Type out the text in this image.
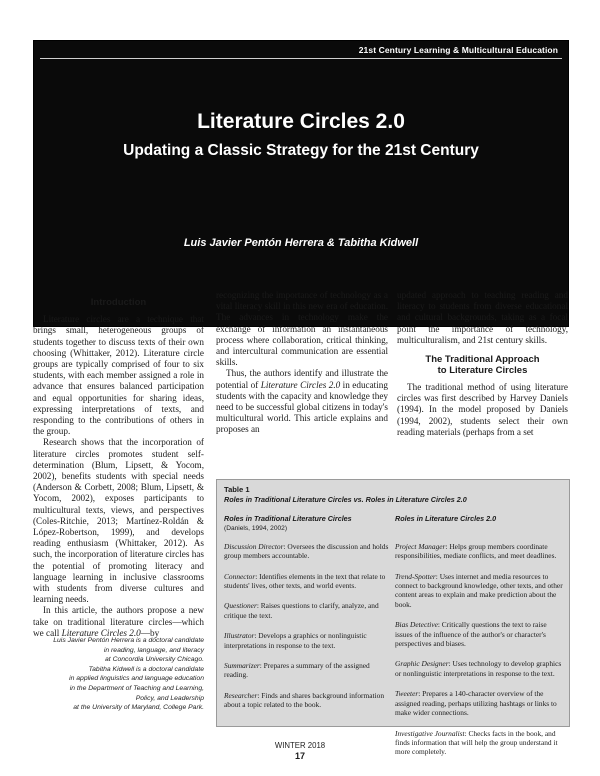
21st Century Learning & Multicultural Education
Literature Circles 2.0
Updating a Classic Strategy for the 21st Century
Luis Javier Pentón Herrera & Tabitha Kidwell
Introduction

Literature circles are a technique that brings small, heterogeneous groups of students together to discuss texts of their own choosing (Whittaker, 2012). Literature circle groups are typically comprised of four to six students, with each member assigned a role in advance that ensures balanced participation and equal opportunities for sharing ideas, expressing interpretations of texts, and responding to the contributions of others in the group.

Research shows that the incorporation of literature circles promotes student self-determination (Blum, Lipsett, & Yocom, 2002), benefits students with special needs (Anderson & Corbett, 2008; Blum, Lipsett, & Yocom, 2002), exposes participants to multicultural texts, views, and perspectives (Coles-Ritchie, 2013; Martínez-Roldán & López-Robertson, 1999), and develops reading enthusiasm (Whittaker, 2012). As such, the incorporation of literature circles has the potential of promoting literacy and language learning in inclusive classrooms with students from diverse cultures and learning needs.

In this article, the authors propose a new take on traditional literature circles—which we call Literature Circles 2.0—by

Luis Javier Pentón Herrera is a doctoral candidate
in reading, language, and literacy
at Concordia University Chicago.
Tabitha Kidwell is a doctoral candidate
in applied linguistics and language education
in the Department of Teaching and Learning,
Policy, and Leadership
at the University of Maryland, College Park.

recognizing the importance of technology as a vital literacy skill in this new era of education. The advances in technology make the exchange of information an instantaneous process where collaboration, critical thinking, and intercultural communication are essential skills.

Thus, the authors identify and illustrate the potential of Literature Circles 2.0 in educating students with the capacity and knowledge they need to be successful global citizens in today's multicultural world. This article explains and proposes an

updated approach to teaching reading and literacy to students from diverse educational and cultural backgrounds, taking as a focal point the importance of technology, multiculturalism, and 21st century skills.

The Traditional Approach
to Literature Circles

The traditional method of using literature circles was first described by Harvey Daniels (1994). In the model proposed by Daniels (1994, 2002), students select their own reading materials (perhaps from a set

Table 1
Roles in Traditional Literature Circles vs. Roles in Literature Circles 2.0
Roles in Traditional Literature Circles
(Daniels, 1994, 2002)
Discussion Director: Oversees the discussion and holds group members accountable.
Connector: Identifies elements in the text that relate to students' lives, other texts, and world events.
Questioner: Raises questions to clarify, analyze, and critique the text.
Illustrator: Develops a graphics or nonlinguistic interpretations in response to the text.
Summarizer: Prepares a summary of the assigned reading.
Researcher: Finds and shares background information about a topic related to the book.
Roles in Literature Circles 2.0

Project Manager: Helps group members coordinate responsibilities, mediate conflicts, and meet deadlines.
Trend-Spotter: Uses internet and media resources to connect to background knowledge, other texts, and other content areas to explain and make prediction about the book.
Bias Detective: Critically questions the text to raise issues of the influence of the author's or character's perspectives and biases.
Graphic Designer: Uses technology to develop graphics or nonlinguistic interpretations in response to the text.
Tweeter: Prepares a 140-character overview of the assigned reading, perhaps utilizing hashtags or links to make wider connections.
Investigative Journalist: Checks facts in the book, and finds information that will help the group understand it more completely.
WINTER 2018
17
